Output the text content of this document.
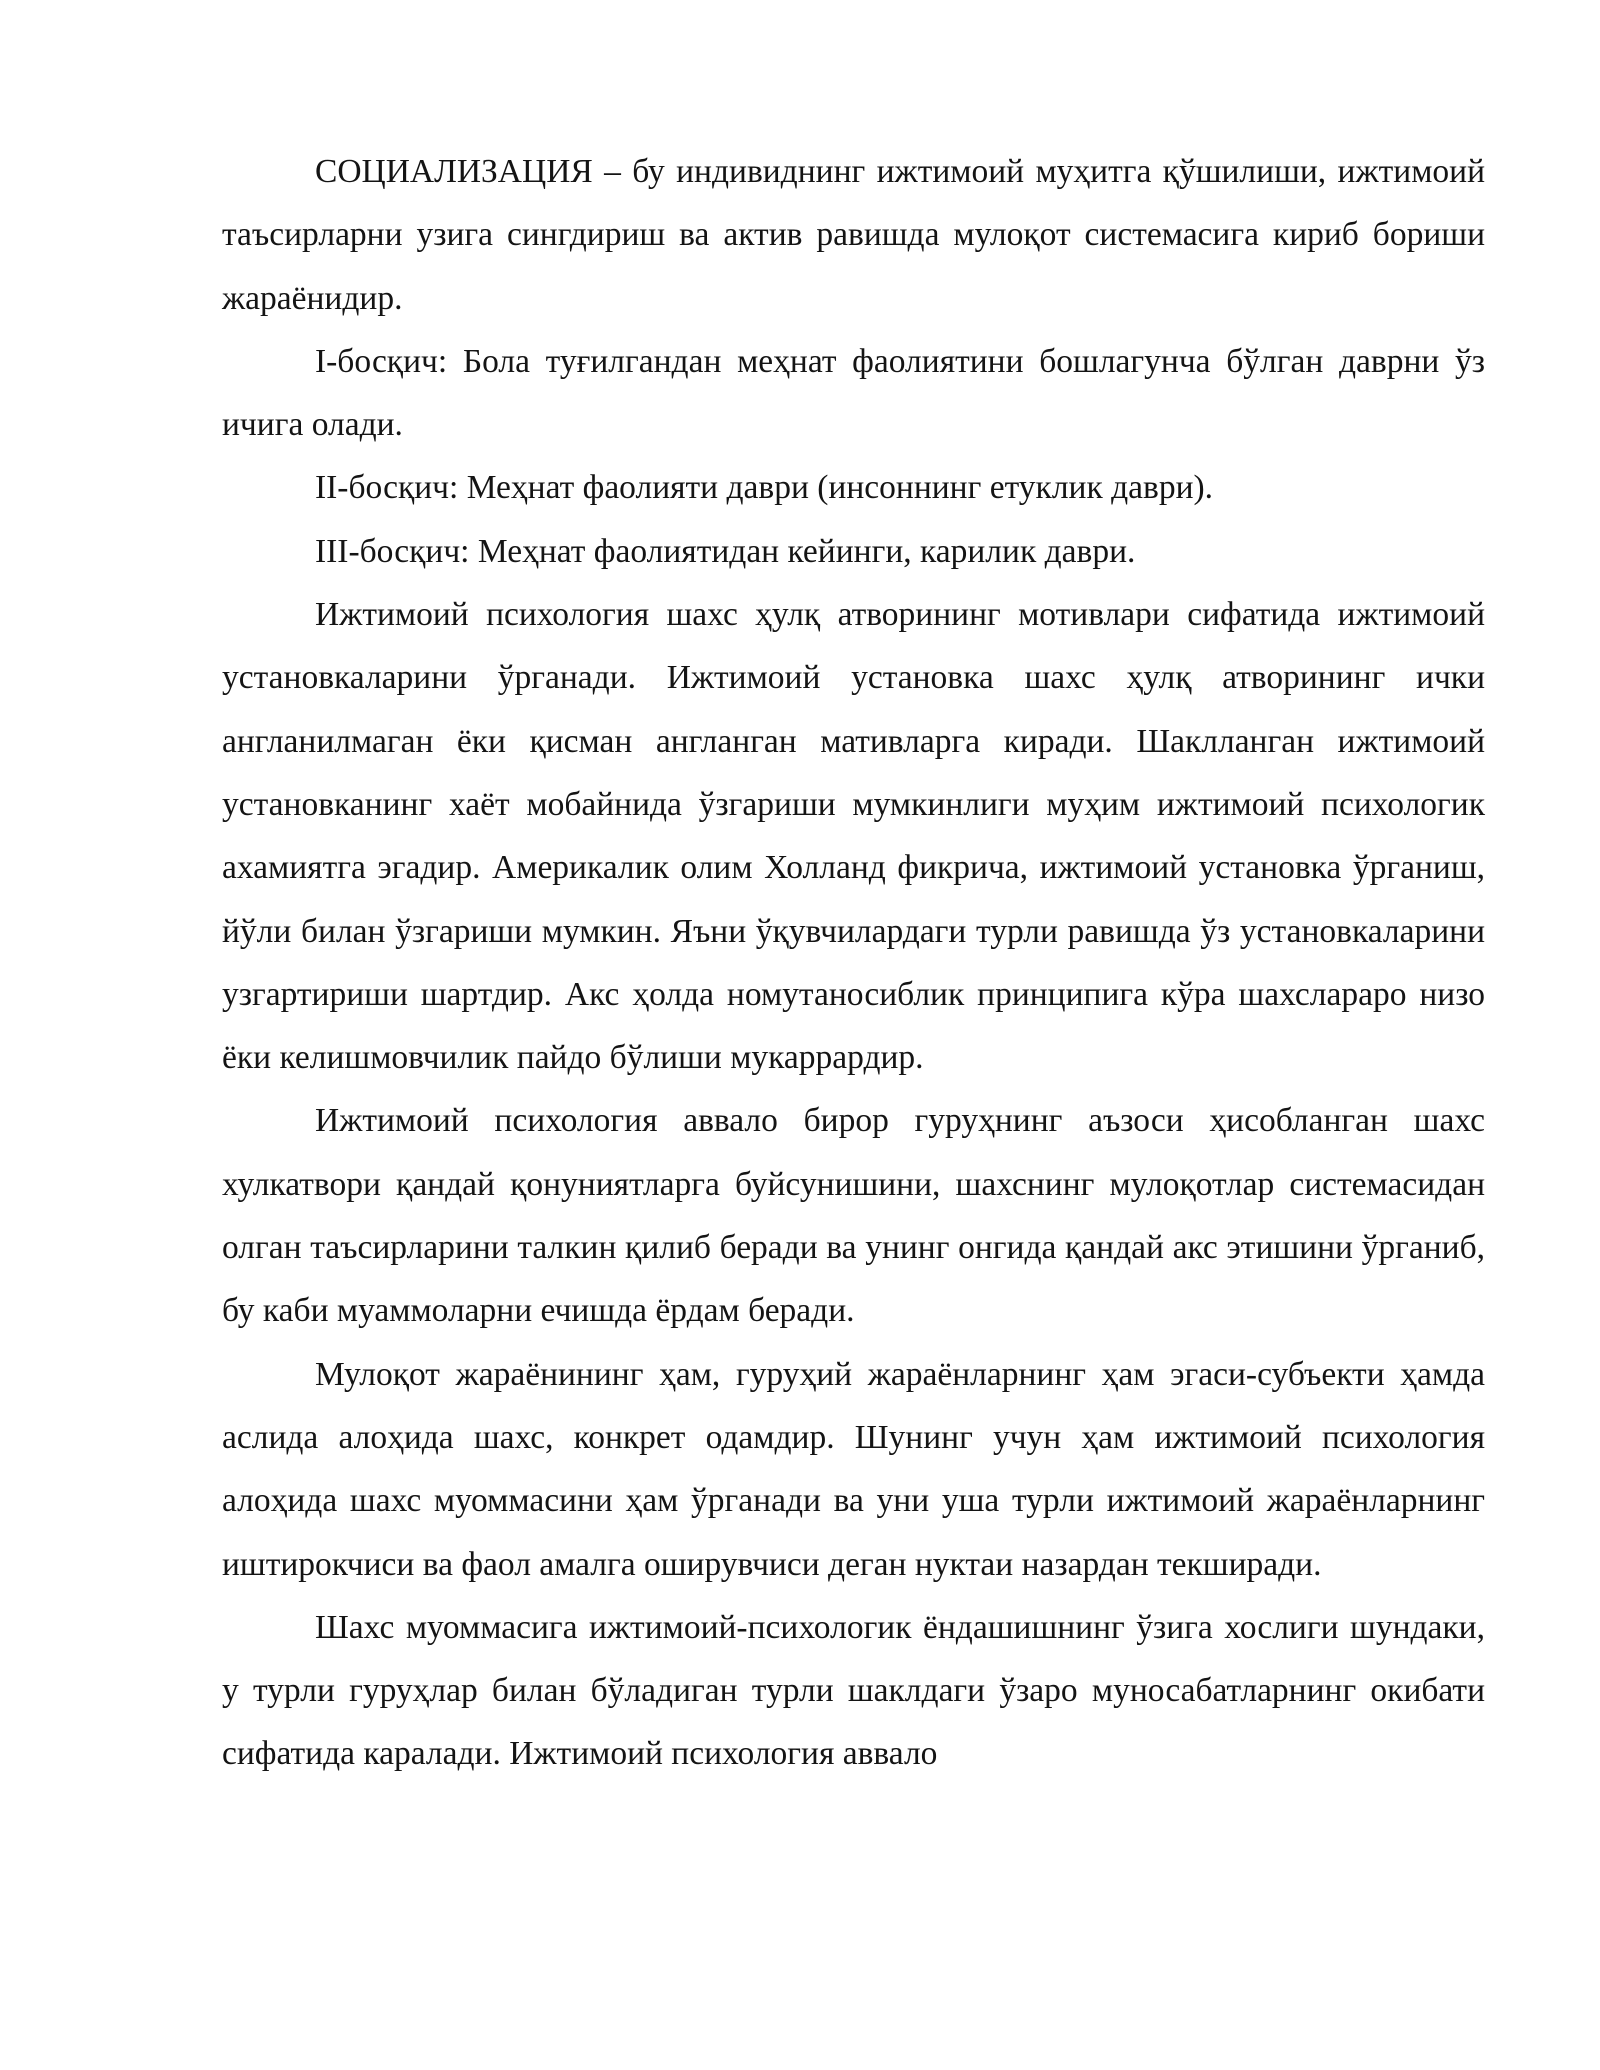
СОЦИАЛИЗАЦИЯ – бу индивиднинг ижтимоий муҳитга қўшилиши, ижтимоий таъсирларни узига сингдириш ва актив равишда мулоқот системасига кириб бориши жараёнидир.

I-босқич: Бола туғилгандан меҳнат фаолиятини бошлагунча бўлган даврни ўз ичига олади.

II-босқич: Меҳнат фаолияти даври (инсоннинг етуклик даври).

III-босқич: Меҳнат фаолиятидан кейинги, карилик даври.

Ижтимоий психология шахс ҳулқ атворининг мотивлари сифатида ижтимоий установкаларини ўрганади. Ижтимоий установка шахс ҳулқ атворининг ички англанилмаган ёки қисман англанган мативларга киради. Шаклланган ижтимоий установканинг хаёт мобайнида ўзгариши мумкинлиги муҳим ижтимоий психологик ахамиятга эгадир. Америкалик олим Холланд фикрича, ижтимоий установка ўрганиш, йўли билан ўзгариши мумкин. Яъни ўқувчилардаги турли равишда ўз установкаларини узгартириши шартдир. Акс ҳолда номутаносиблик принципига кўра шахслараро низо ёки келишмовчилик пайдо бўлиши мукаррардир.

Ижтимоий психология аввало бирор гуруҳнинг аъзоси ҳисобланган шахс хулкатвори қандай қонуниятларга буйсунишини, шахснинг мулоқотлар системасидан олган таъсирларини талкин қилиб беради ва унинг онгида қандай акс этишини ўрганиб, бу каби муаммоларни ечишда ёрдам беради.

Мулоқот жараёнининг ҳам, гуруҳий жараёнларнинг ҳам эгаси-субъекти ҳамда аслида алоҳида шахс, конкрет одамдир. Шунинг учун ҳам ижтимоий психология алоҳида шахс муоммасини ҳам ўрганади ва уни уша турли ижтимоий жараёнларнинг иштирокчиси ва фаол амалга оширувчиси деган нуктаи назардан текширади.

Шахс муоммасига ижтимоий-психологик ёндашишнинг ўзига хослиги шундаки, у турли гуруҳлар билан бўладиган турли шаклдаги ўзаро муносабатларнинг окибати сифатида каралади. Ижтимоий психология аввало
